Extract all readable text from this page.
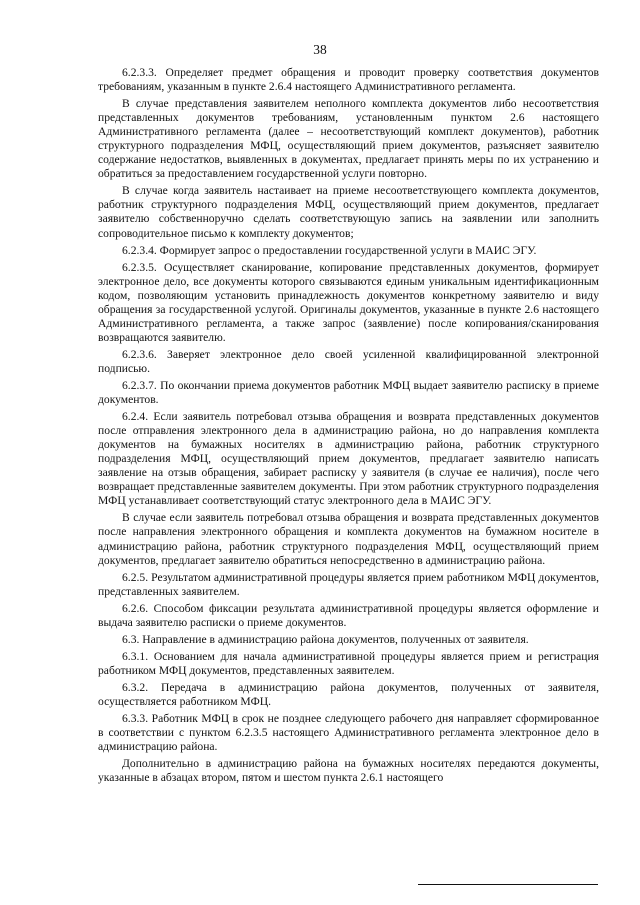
38

6.2.3.3. Определяет предмет обращения и проводит проверку соответствия документов требованиям, указанным в пункте 2.6.4 настоящего Административного регламента.

В случае представления заявителем неполного комплекта документов либо несоответствия представленных документов требованиям, установленным пунктом 2.6 настоящего Административного регламента (далее – несоответствующий комплект документов), работник структурного подразделения МФЦ, осуществляющий прием документов, разъясняет заявителю содержание недостатков, выявленных в документах, предлагает принять меры по их устранению и обратиться за предоставлением государственной услуги повторно.

В случае когда заявитель настаивает на приеме несоответствующего комплекта документов, работник структурного подразделения МФЦ, осуществляющий прием документов, предлагает заявителю собственноручно сделать соответствующую запись на заявлении или заполнить сопроводительное письмо к комплекту документов;

6.2.3.4. Формирует запрос о предоставлении государственной услуги в МАИС ЭГУ.

6.2.3.5. Осуществляет сканирование, копирование представленных документов, формирует электронное дело, все документы которого связываются единым уникальным идентификационным кодом, позволяющим установить принадлежность документов конкретному заявителю и виду обращения за государственной услугой. Оригиналы документов, указанные в пункте 2.6 настоящего Административного регламента, а также запрос (заявление) после копирования/сканирования возвращаются заявителю.

6.2.3.6. Заверяет электронное дело своей усиленной квалифицированной электронной подписью.

6.2.3.7. По окончании приема документов работник МФЦ выдает заявителю расписку в приеме документов.

6.2.4. Если заявитель потребовал отзыва обращения и возврата представленных документов после отправления электронного дела в администрацию района, но до направления комплекта документов на бумажных носителях в администрацию района, работник структурного подразделения МФЦ, осуществляющий прием документов, предлагает заявителю написать заявление на отзыв обращения, забирает расписку у заявителя (в случае ее наличия), после чего возвращает представленные заявителем документы. При этом работник структурного подразделения МФЦ устанавливает соответствующий статус электронного дела в МАИС ЭГУ.

В случае если заявитель потребовал отзыва обращения и возврата представленных документов после направления электронного обращения и комплекта документов на бумажном носителе в администрацию района, работник структурного подразделения МФЦ, осуществляющий прием документов, предлагает заявителю обратиться непосредственно в администрацию района.

6.2.5. Результатом административной процедуры является прием работником МФЦ документов, представленных заявителем.

6.2.6. Способом фиксации результата административной процедуры является оформление и выдача заявителю расписки о приеме документов.

6.3. Направление в администрацию района документов, полученных от заявителя.

6.3.1. Основанием для начала административной процедуры является прием и регистрация работником МФЦ документов, представленных заявителем.

6.3.2. Передача в администрацию района документов, полученных от заявителя, осуществляется работником МФЦ.

6.3.3. Работник МФЦ в срок не позднее следующего рабочего дня направляет сформированное в соответствии с пунктом 6.2.3.5 настоящего Административного регламента электронное дело в администрацию района.

Дополнительно в администрацию района на бумажных носителях передаются документы, указанные в абзацах втором, пятом и шестом пункта 2.6.1 настоящего
